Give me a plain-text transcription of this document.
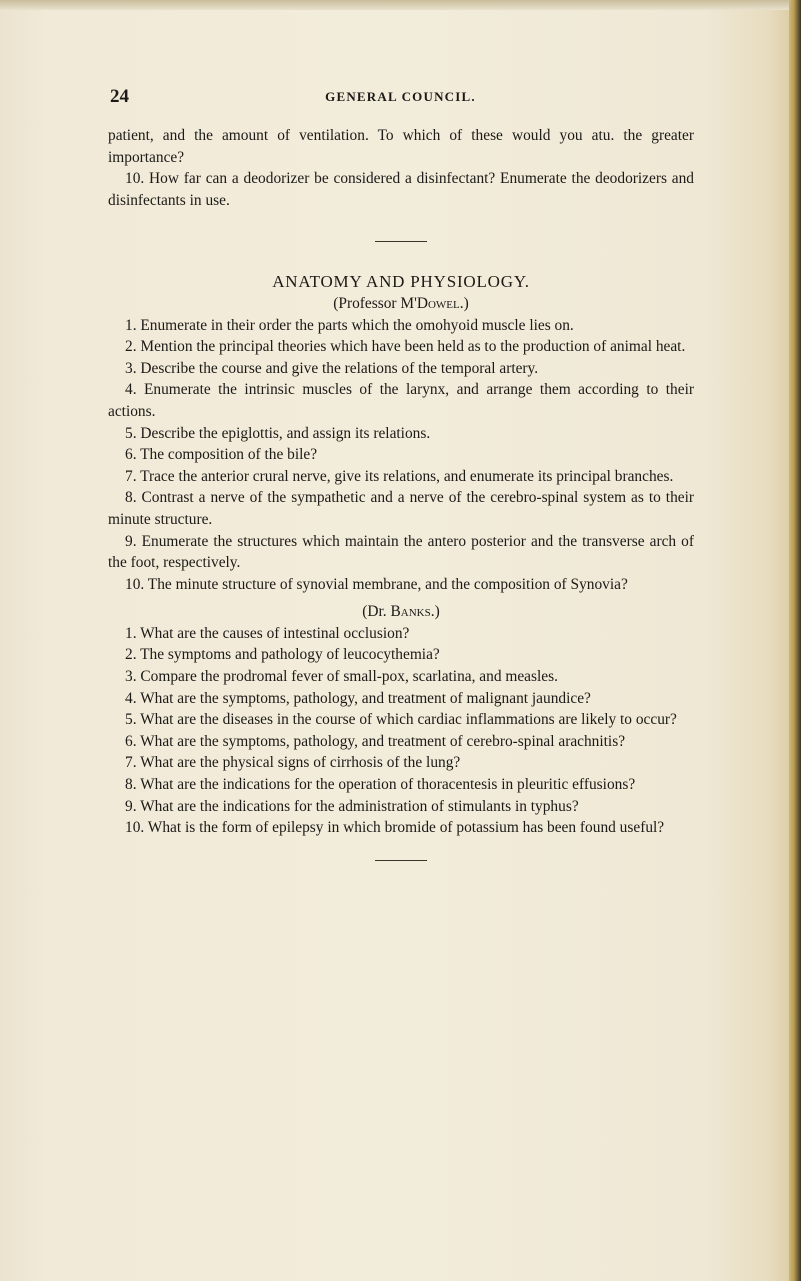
24	GENERAL COUNCIL.

patient, and the amount of ventilation. To which of these would you atu. the greater importance?

10. How far can a deodorizer be considered a disinfectant? Enumerate the deodorizers and disinfectants in use.

ANATOMY AND PHYSIOLOGY.

(Professor M'Dowel.)

1. Enumerate in their order the parts which the omohyoid muscle lies on.

2. Mention the principal theories which have been held as to the production of animal heat.

3. Describe the course and give the relations of the temporal artery.

4. Enumerate the intrinsic muscles of the larynx, and arrange them according to their actions.

5. Describe the epiglottis, and assign its relations.

6. The composition of the bile?

7. Trace the anterior crural nerve, give its relations, and enumerate its principal branches.

8. Contrast a nerve of the sympathetic and a nerve of the cerebro-spinal system as to their minute structure.

9. Enumerate the structures which maintain the antero posterior and the transverse arch of the foot, respectively.

10. The minute structure of synovial membrane, and the composition of Synovia?

(Dr. Banks.)

1. What are the causes of intestinal occlusion?

2. The symptoms and pathology of leucocythemia?

3. Compare the prodromal fever of small-pox, scarlatina, and measles.

4. What are the symptoms, pathology, and treatment of malignant jaundice?

5. What are the diseases in the course of which cardiac inflammations are likely to occur?

6. What are the symptoms, pathology, and treatment of cerebro-spinal arachnitis?

7. What are the physical signs of cirrhosis of the lung?

8. What are the indications for the operation of thoracentesis in pleuritic effusions?

9. What are the indications for the administration of stimulants in typhus?

10. What is the form of epilepsy in which bromide of potassium has been found useful?
